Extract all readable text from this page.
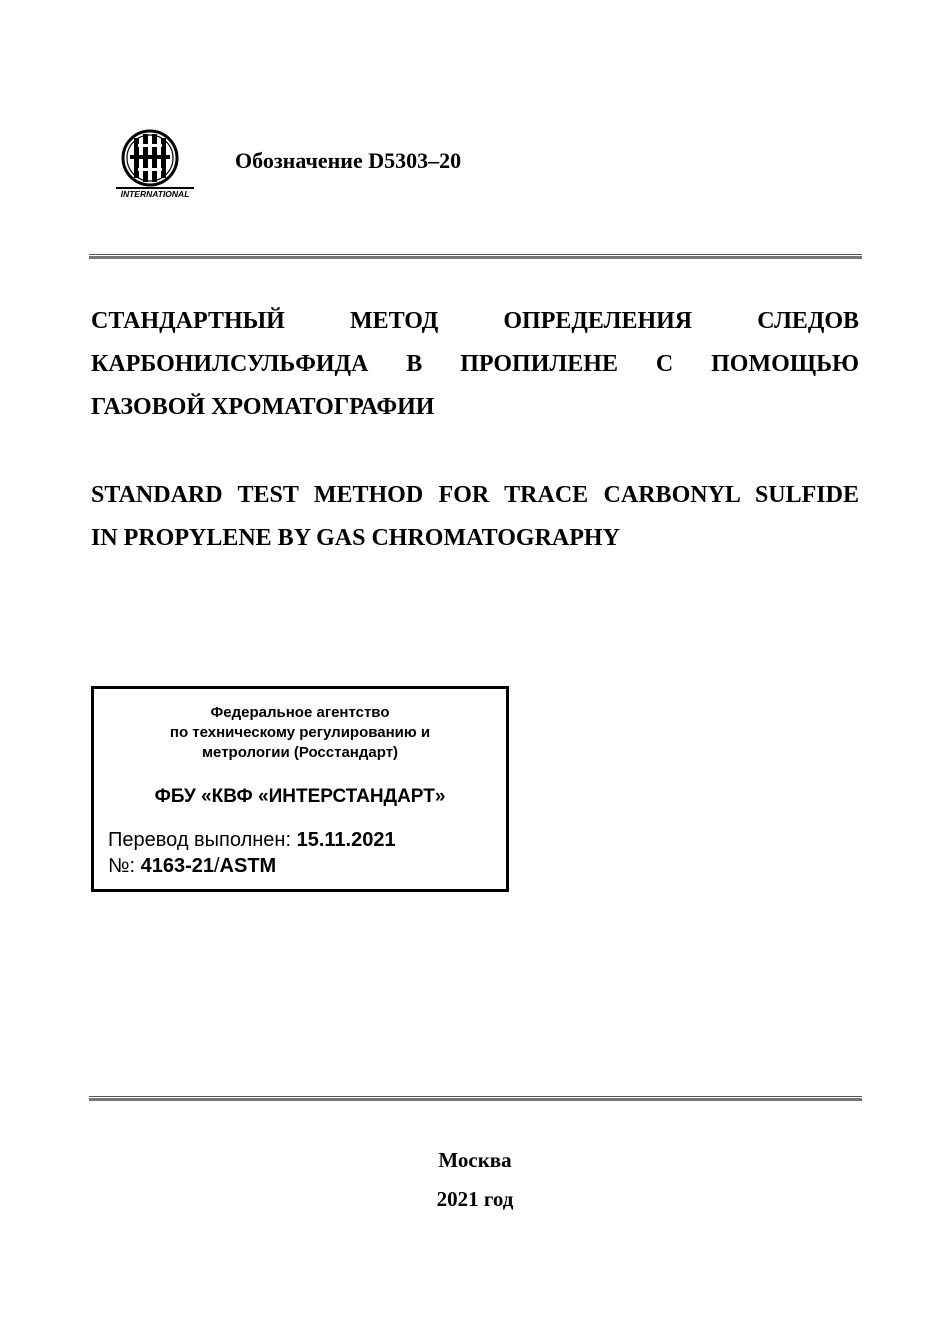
INTERNATIONAL
Обозначение D5303–20
СТАНДАРТНЫЙ	МЕТОД	ОПРЕДЕЛЕНИЯ	СЛЕДОВ
КАРБОНИЛСУЛЬФИДА В ПРОПИЛЕНЕ С ПОМОЩЬЮ
ГАЗОВОЙ ХРОМАТОГРАФИИ
STANDARD TEST METHOD FOR TRACE CARBONYL SULFIDE
IN PROPYLENE BY GAS CHROMATOGRAPHY
Федеральное агентство
по техническому регулированию и
метрологии (Росстандарт)
ФБУ «КВФ «ИНТЕРСТАНДАРТ»
Перевод выполнен: 15.11.2021
№: 4163-21/ASTM
Москва
2021 год
